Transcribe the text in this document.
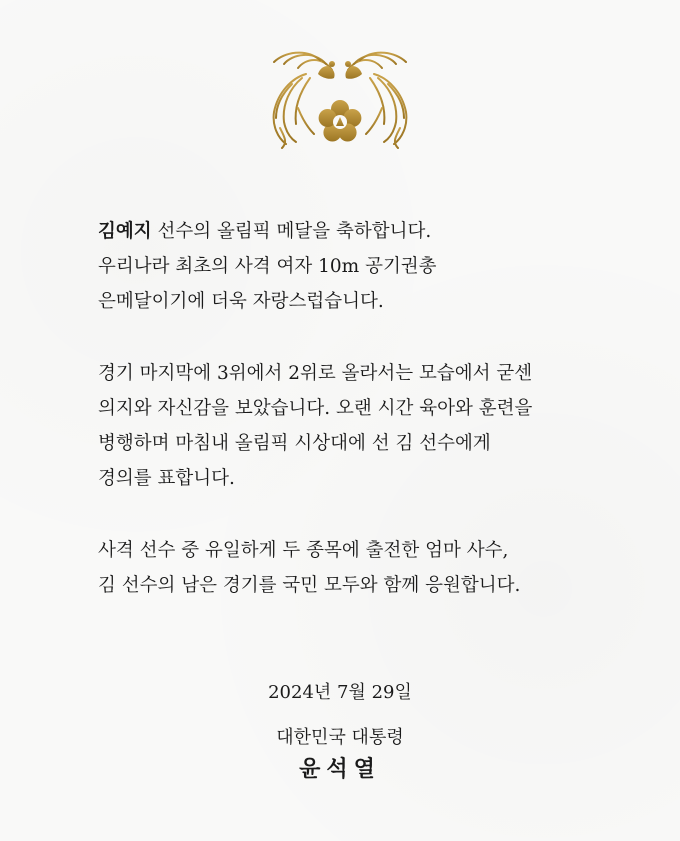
김예지 선수의 올림픽 메달을 축하합니다.
우리나라 최초의 사격 여자 10m 공기권총
은메달이기에 더욱 자랑스럽습니다.

경기 마지막에 3위에서 2위로 올라서는 모습에서 굳센
의지와 자신감을 보았습니다. 오랜 시간 육아와 훈련을
병행하며 마침내 올림픽 시상대에 선 김 선수에게
경의를 표합니다.

사격 선수 중 유일하게 두 종목에 출전한 엄마 사수,
김 선수의 남은 경기를 국민 모두와 함께 응원합니다.

2024년 7월 29일
대한민국 대통령
윤석열
